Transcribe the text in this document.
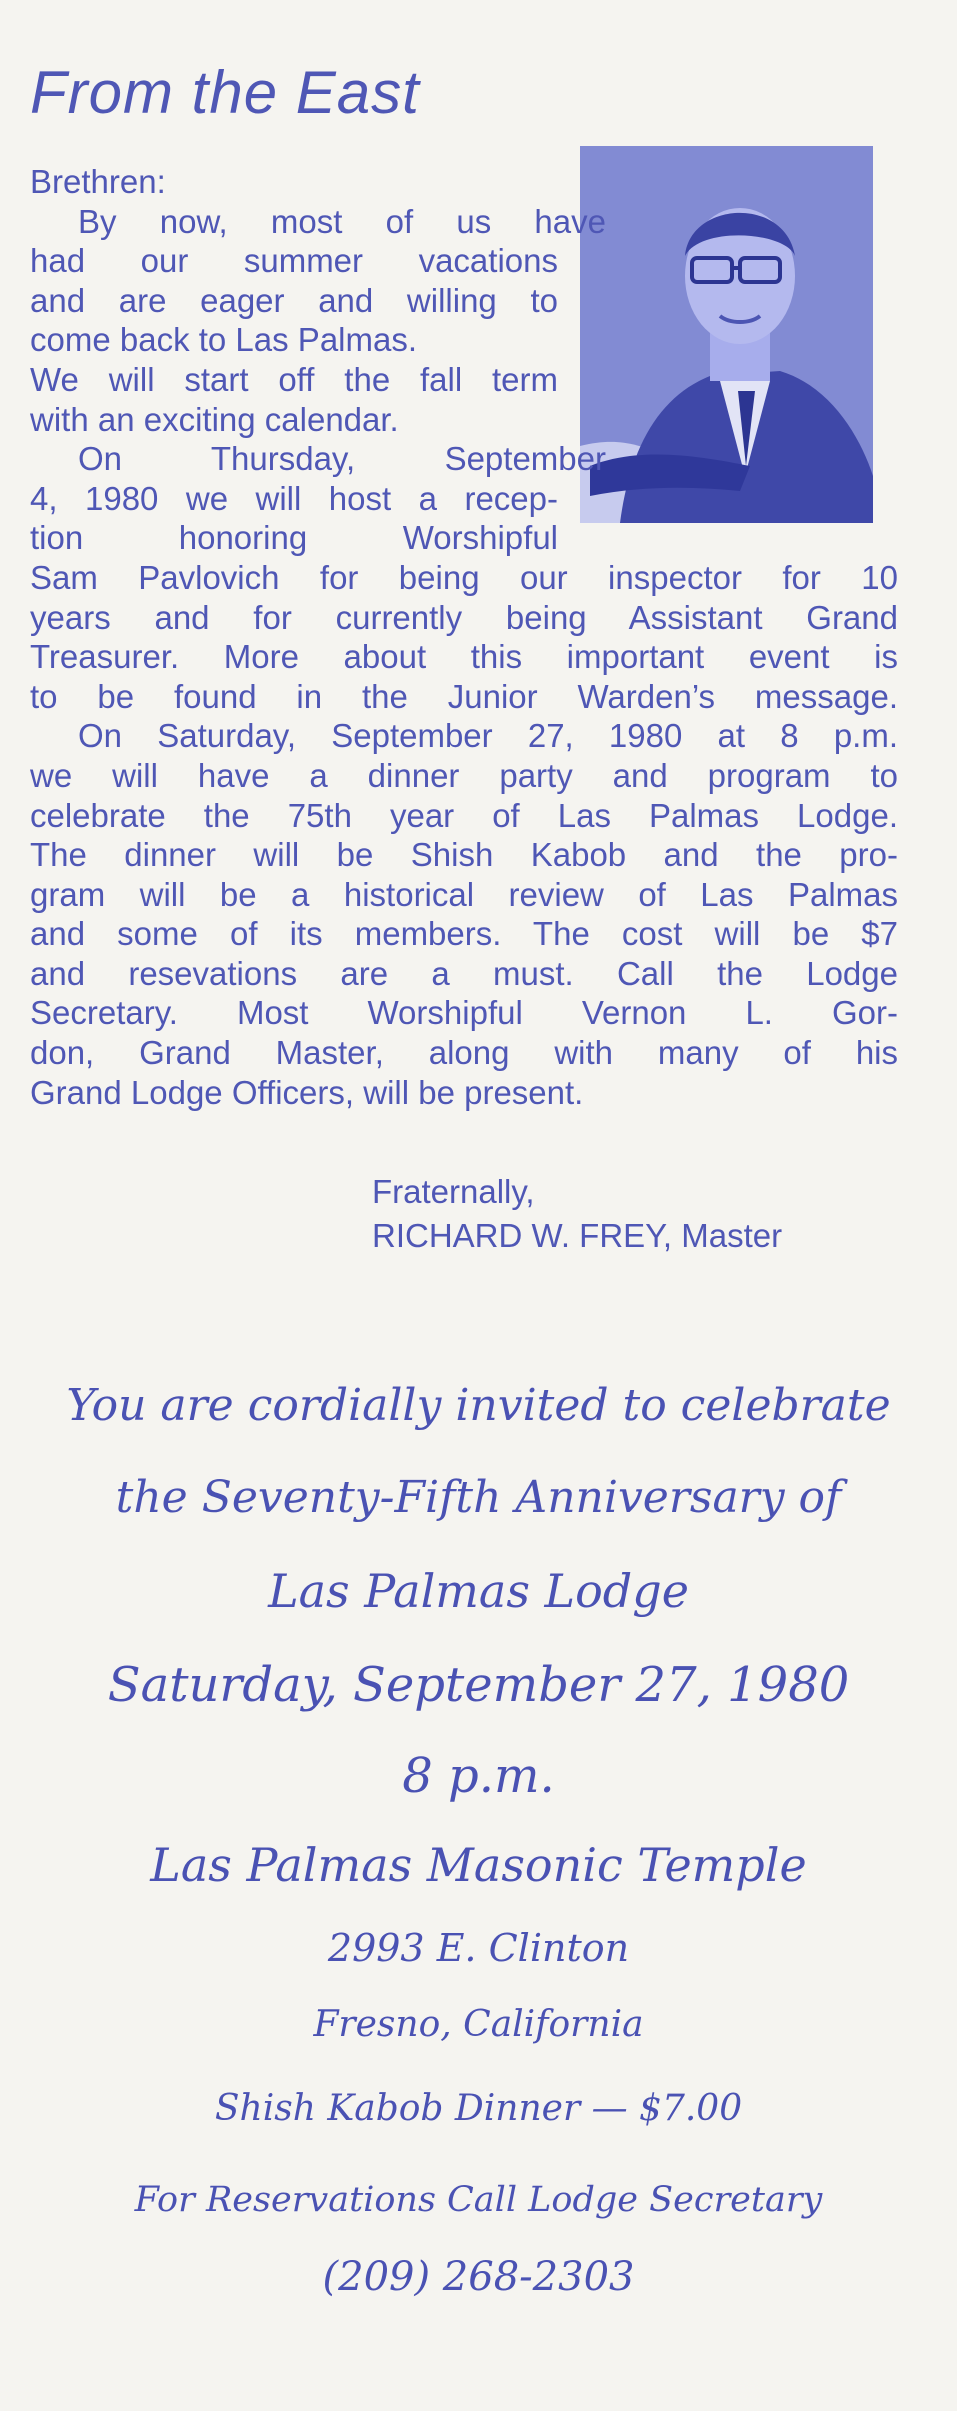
From the East
Brethren:
By now, most of us have
had our summer vacations
and are eager and willing to
come back to Las Palmas.
We will start off the fall term
with an exciting calendar.
On Thursday, September
4, 1980 we will host a recep-
tion honoring Worshipful
Sam Pavlovich for being our inspector for 10
years and for currently being Assistant Grand
Treasurer. More about this important event is
to be found in the Junior Warden’s message.
On Saturday, September 27, 1980 at 8 p.m.
we will have a dinner party and program to
celebrate the 75th year of Las Palmas Lodge.
The dinner will be Shish Kabob and the pro-
gram will be a historical review of Las Palmas
and some of its members. The cost will be $7
and resevations are a must. Call the Lodge
Secretary. Most Worshipful Vernon L. Gor-
don, Grand Master, along with many of his
Grand Lodge Officers, will be present.
Fraternally,
RICHARD W. FREY, Master
You are cordially invited to celebrate
the Seventy-Fifth Anniversary of
Las Palmas Lodge
Saturday, September 27, 1980
8 p.m.
Las Palmas Masonic Temple
2993 E. Clinton
Fresno, California
Shish Kabob Dinner — $7.00
For Reservations Call Lodge Secretary
(209) 268-2303
